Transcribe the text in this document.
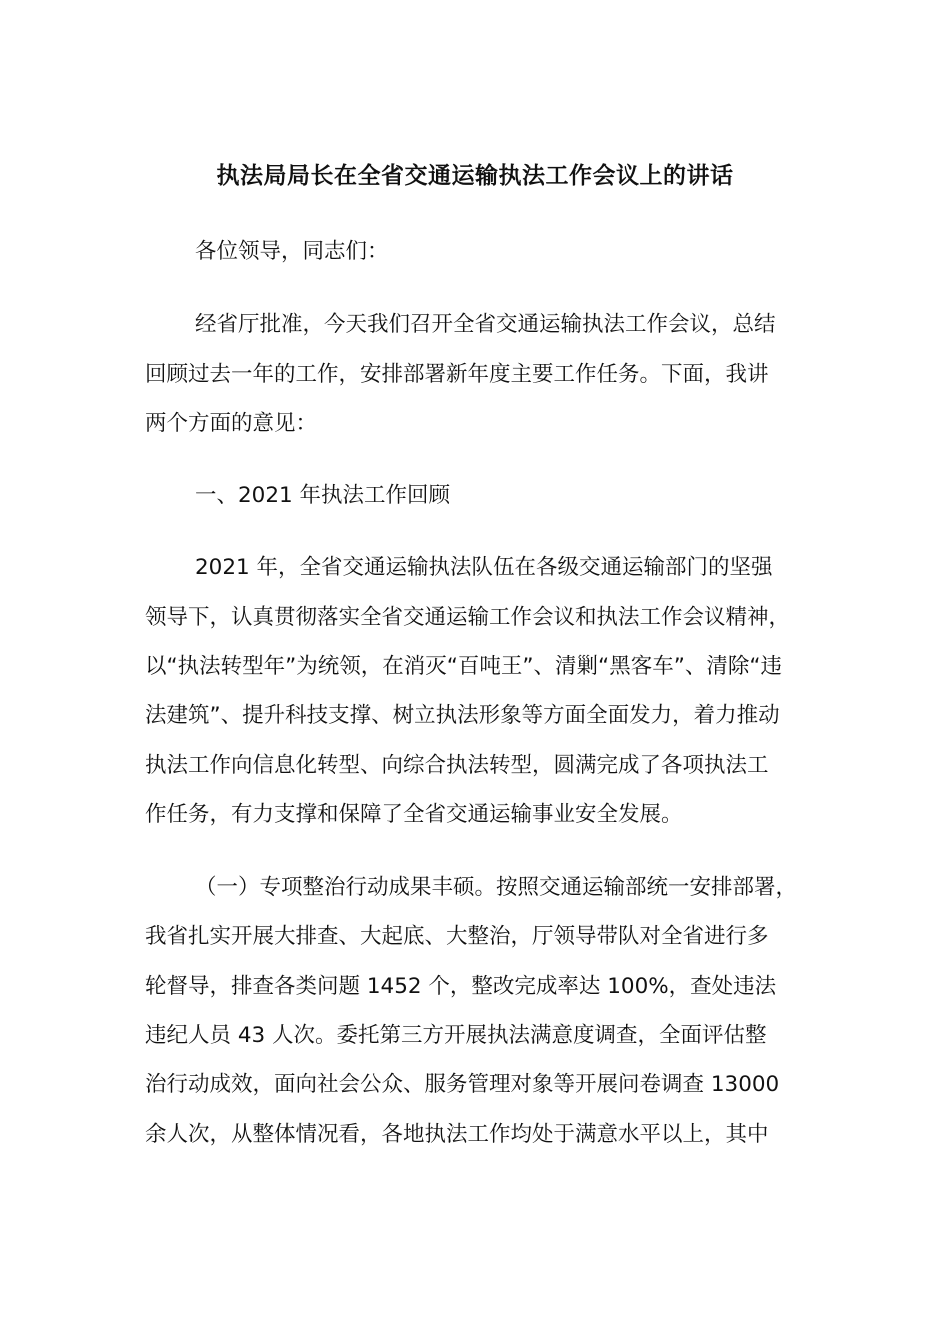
执法局局长在全省交通运输执法工作会议上的讲话

各位领导，同志们：

经省厅批准，今天我们召开全省交通运输执法工作会议，总结

回顾过去一年的工作，安排部署新年度主要工作任务。下面，我讲

两个方面的意见：

一、2021 年执法工作回顾

2021 年，全省交通运输执法队伍在各级交通运输部门的坚强

领导下，认真贯彻落实全省交通运输工作会议和执法工作会议精神，

以“执法转型年”为统领，在消灭“百吨王”、清剿“黑客车”、清除“违

法建筑”、提升科技支撑、树立执法形象等方面全面发力，着力推动

执法工作向信息化转型、向综合执法转型，圆满完成了各项执法工

作任务，有力支撑和保障了全省交通运输事业安全发展。

（一）专项整治行动成果丰硕。按照交通运输部统一安排部署，

我省扎实开展大排查、大起底、大整治，厅领导带队对全省进行多

轮督导，排查各类问题 1452 个，整改完成率达 100%，查处违法

违纪人员 43 人次。委托第三方开展执法满意度调查，全面评估整

治行动成效，面向社会公众、服务管理对象等开展问卷调查 13000

余人次，从整体情况看，各地执法工作均处于满意水平以上，其中
